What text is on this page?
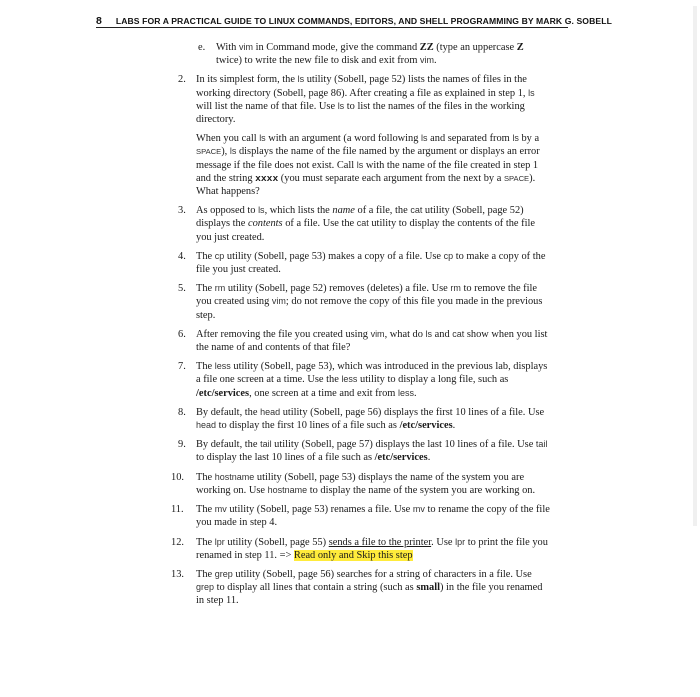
8 LABS FOR A PRACTICAL GUIDE TO LINUX COMMANDS, EDITORS, AND SHELL PROGRAMMING BY MARK G. SOBELL
e.	With vim in Command mode, give the command ZZ (type an uppercase Z twice) to write the new file to disk and exit from vim.

2. In its simplest form, the ls utility (Sobell, page 52) lists the names of files in the working directory (Sobell, page 86). After creating a file as explained in step 1, ls will list the name of that file. Use ls to list the names of the files in the working directory.

When you call ls with an argument (a word following ls and separated from ls by a SPACE), ls displays the name of the file named by the argument or displays an error message if the file does not exist. Call ls with the name of the file created in step 1 and the string xxxx (you must separate each argument from the next by a SPACE). What happens?

3. As opposed to ls, which lists the name of a file, the cat utility (Sobell, page 52) displays the contents of a file. Use the cat utility to display the contents of the file you just created.

4. The cp utility (Sobell, page 53) makes a copy of a file. Use cp to make a copy of the file you just created.

5. The rm utility (Sobell, page 52) removes (deletes) a file. Use rm to remove the file you created using vim; do not remove the copy of this file you made in the previous step.

6. After removing the file you created using vim, what do ls and cat show when you list the name of and contents of that file?

7. The less utility (Sobell, page 53), which was introduced in the previous lab, displays a file one screen at a time. Use the less utility to display a long file, such as /etc/services, one screen at a time and exit from less.

8. By default, the head utility (Sobell, page 56) displays the first 10 lines of a file. Use head to display the first 10 lines of a file such as /etc/services.

9. By default, the tail utility (Sobell, page 57) displays the last 10 lines of a file. Use tail to display the last 10 lines of a file such as /etc/services.

10. The hostname utility (Sobell, page 53) displays the name of the system you are working on. Use hostname to display the name of the system you are working on.

11.	The mv utility (Sobell, page 53) renames a file. Use mv to rename the copy of the file you made in step 4.

12. The lpr utility (Sobell, page 55) sends a file to the printer. Use lpr to print the file you renamed in step 11. => Read only and Skip this step

13. The grep utility (Sobell, page 56) searches for a string of characters in a file. Use grep to display all lines that contain a string (such as small) in the file you renamed in step 11.
